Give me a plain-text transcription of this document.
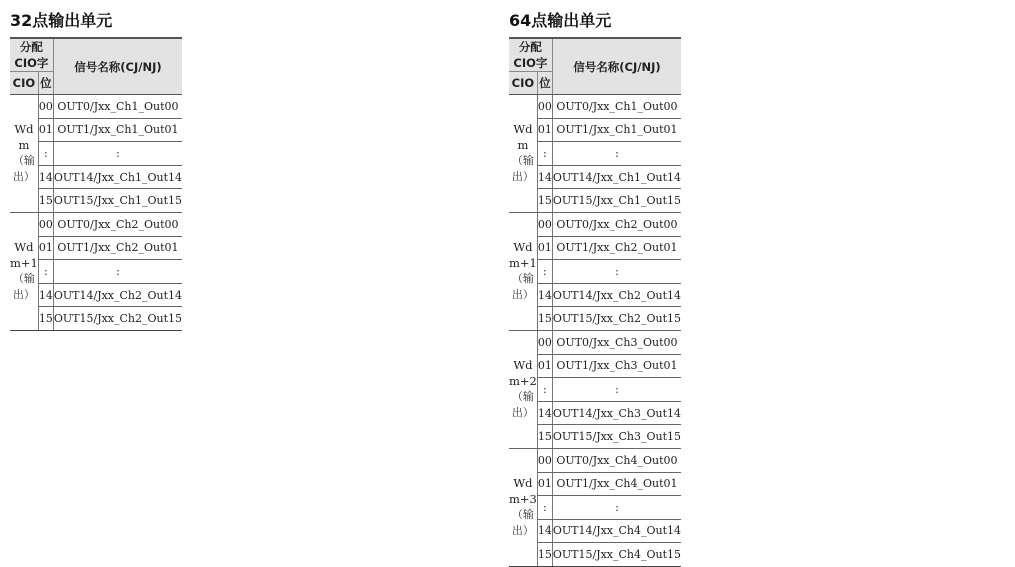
32点输出单元
分配CIO字		信号名称(CJ/NJ)
CIO	位	

Wd m
（输出）	00	OUT0/Jxx_Ch1_Out00
	01	OUT1/Jxx_Ch1_Out01
	:	:
	14	OUT14/Jxx_Ch1_Out14
	15	OUT15/Jxx_Ch1_Out15

Wd m+1
（输出）	00	OUT0/Jxx_Ch2_Out00
	01	OUT1/Jxx_Ch2_Out01
	:	:
	14	OUT14/Jxx_Ch2_Out14
	15	OUT15/Jxx_Ch2_Out15
64点输出单元
分配CIO字		信号名称(CJ/NJ)
CIO	位	

Wd m
（输出）	00	OUT0/Jxx_Ch1_Out00
	01	OUT1/Jxx_Ch1_Out01
	:	:
	14	OUT14/Jxx_Ch1_Out14
	15	OUT15/Jxx_Ch1_Out15

Wd m+1
（输出）	00	OUT0/Jxx_Ch2_Out00
	01	OUT1/Jxx_Ch2_Out01
	:	:
	14	OUT14/Jxx_Ch2_Out14
	15	OUT15/Jxx_Ch2_Out15

Wd m+2
（输出）	00	OUT0/Jxx_Ch3_Out00
	01	OUT1/Jxx_Ch3_Out01
	:	:
	14	OUT14/Jxx_Ch3_Out14
	15	OUT15/Jxx_Ch3_Out15

Wd m+3
（输出）	00	OUT0/Jxx_Ch4_Out00
	01	OUT1/Jxx_Ch4_Out01
	:	:
	14	OUT14/Jxx_Ch4_Out14
	15	OUT15/Jxx_Ch4_Out15
